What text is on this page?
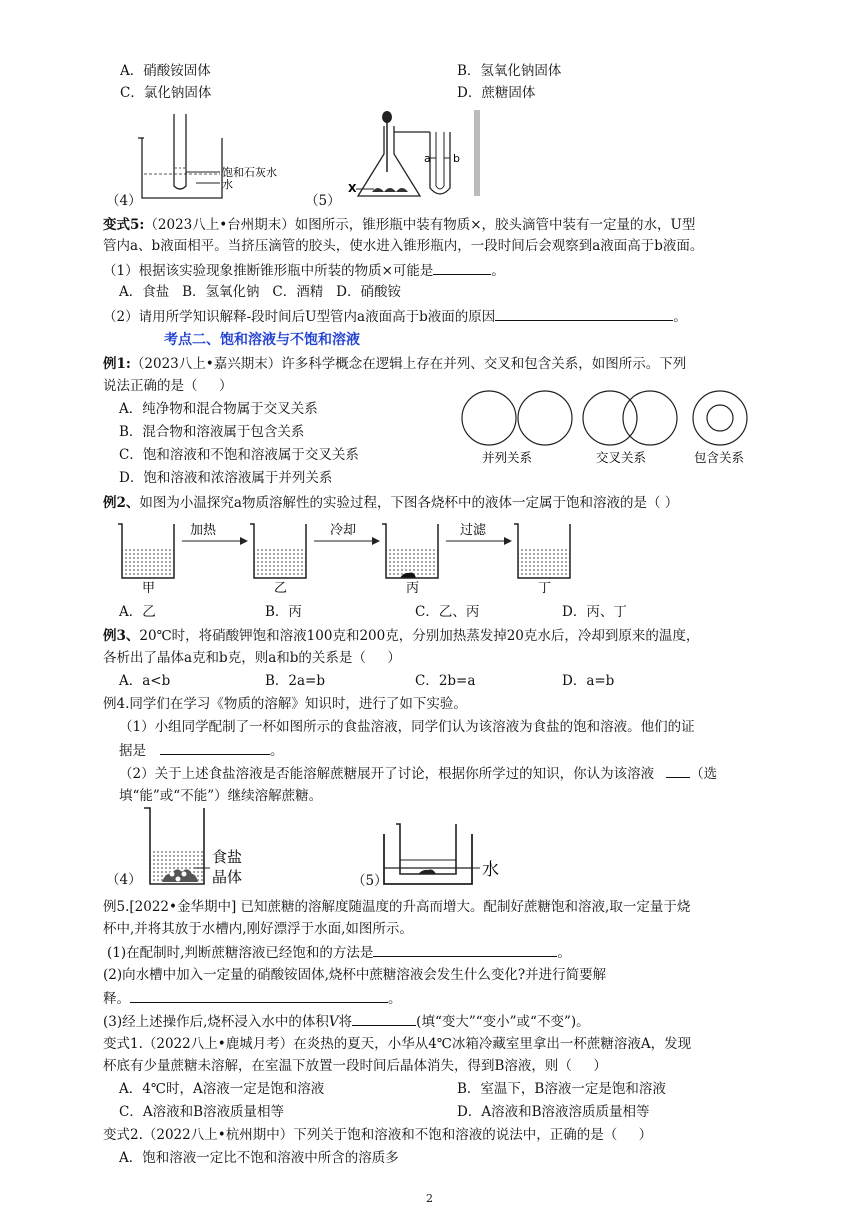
A．硝酸铵固体	B．氢氧化钠固体
C．氯化钠固体	D．蔗糖固体
（4）
饱和石灰水
水
（5）
a b
X
变式5:（2023八上•台州期末）如图所示，锥形瓶中装有物质×，胶头滴管中装有一定量的水，U型
管内a、b液面相平。当挤压滴管的胶头，使水进入锥形瓶内，一段时间后会观察到a液面高于b液面。
（1）根据该实验现象推断锥形瓶中所装的物质×可能是	。
A．食盐   B．氢氧化钠   C．酒精   D．硝酸铵
（2）请用所学知识解释-段时间后U型管内a液面高于b液面的原因	。
考点二、饱和溶液与不饱和溶液
例1:（2023八上•嘉兴期末）许多科学概念在逻辑上存在并列、交叉和包含关系，如图所示。下列
说法正确的是（     ）
A．纯净物和混合物属于交叉关系
B．混合物和溶液属于包含关系
C．饱和溶液和不饱和溶液属于交叉关系
D．饱和溶液和浓溶液属于并列关系
并列关系	交叉关系	包含关系
例2、如图为小温探究a物质溶解性的实验过程，下图各烧杯中的液体一定属于饱和溶液的是（ ）
甲
加热
乙
冷却
丙
过滤
丁
A．乙	B．丙	C．乙、丙	D．丙、丁
例3、20℃时，将硝酸钾饱和溶液100克和200克，分别加热蒸发掉20克水后，冷却到原来的温度，
各析出了晶体a克和b克，则a和b的关系是（     ）
A．a<b	B．2a=b	C．2b=a	D．a=b
例4.同学们在学习《物质的溶解》知识时，进行了如下实验。
（1）小组同学配制了一杯如图所示的食盐溶液，同学们认为该溶液为食盐的饱和溶液。他们的证
据是	。
（2）关于上述食盐溶液是否能溶解蔗糖展开了讨论，根据你所学过的知识，你认为该溶液	（选
填“能”或“不能”）继续溶解蔗糖。
（4）
食盐
晶体	（5）
水
例5.[2022•金华期中] 已知蔗糖的溶解度随温度的升高而增大。配制好蔗糖饱和溶液,取一定量于烧
杯中,并将其放于水槽内,刚好漂浮于水面,如图所示。
(1)在配制时,判断蔗糖溶液已经饱和的方法是	。
(2)向水槽中加入一定量的硝酸铵固体,烧杯中蔗糖溶液会发生什么变化?并进行简要解
释。	。
(3)经上述操作后,烧杯浸入水中的体积V将	(填“变大”“变小”或“不变”)。
变式1.（2022八上•鹿城月考）在炎热的夏天，小华从4℃冰箱冷藏室里拿出一杯蔗糖溶液A，发现
杯底有少量蔗糖未溶解，在室温下放置一段时间后晶体消失，得到B溶液，则（     ）
A．4℃时，A溶液一定是饱和溶液	B．室温下，B溶液一定是饱和溶液
C．A溶液和B溶液质量相等	D．A溶液和B溶液溶质质量相等
变式2.（2022八上•杭州期中）下列关于饱和溶液和不饱和溶液的说法中，正确的是（     ）
A．饱和溶液一定比不饱和溶液中所含的溶质多
2
